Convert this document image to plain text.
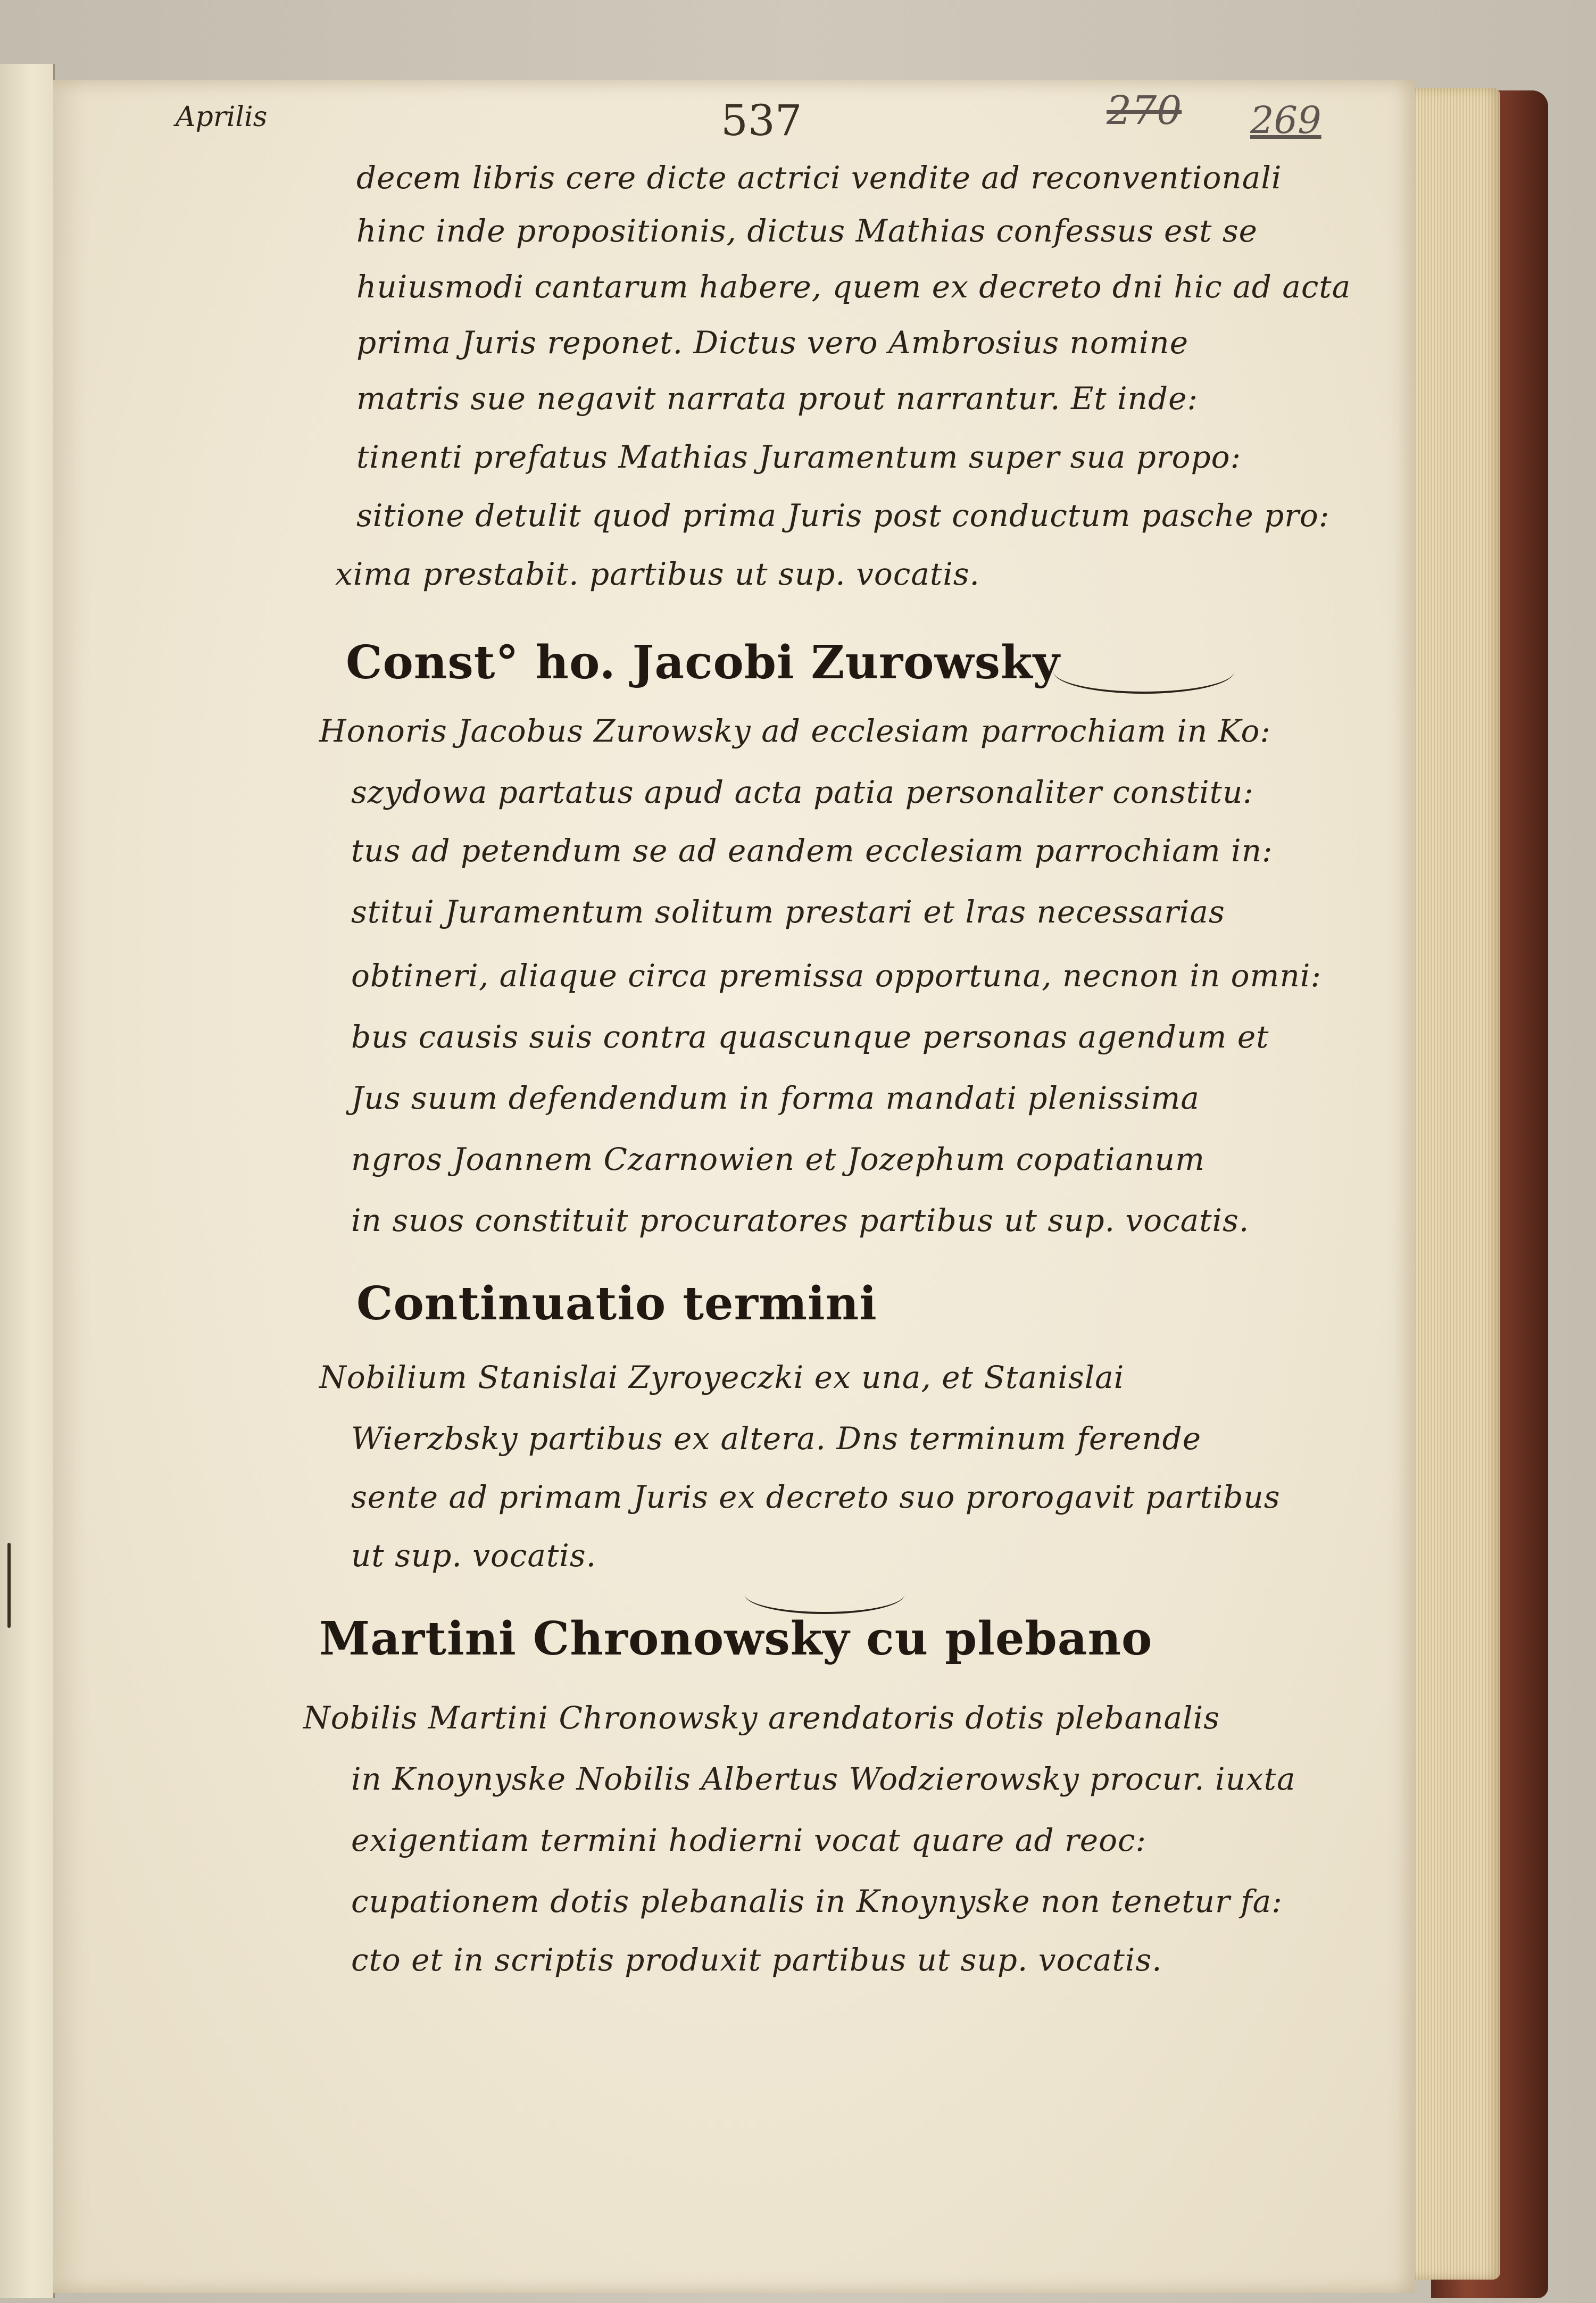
Aprilis	537	270 269
decem libris cere dicte actrici vendite ad reconventionali
hinc inde propositionis, dictus Mathias confessus est se
huiusmodi cantarum habere, quem ex decreto dni hic ad acta
prima Juris reponet. Dictus vero Ambrosius nomine
matris sue negavit narrata prout narrantur. Et inde:
tinenti prefatus Mathias Juramentum super sua propo:
sitione detulit quod prima Juris post conductum pasche pro:
xima prestabit. partibus ut sup. vocatis.
Const° ho. Jacobi Zurowsky
Honoris Jacobus Zurowsky ad ecclesiam parrochiam in Ko:
szydowa partatus apud acta patia personaliter constitu:
tus ad petendum se ad eandem ecclesiam parrochiam in:
stitui Juramentum solitum prestari et lras necessarias
obtineri, aliaque circa premissa opportuna, necnon in omni:
bus causis suis contra quascunque personas agendum et
Jus suum defendendum in forma mandati plenissima
ngros Joannem Czarnowien et Jozephum copatianum
in suos constituit procuratores partibus ut sup. vocatis.
Continuatio termini
Nobilium Stanislai Zyroyeczki ex una, et Stanislai
Wierzbsky partibus ex altera. Dns terminum ferende
sente ad primam Juris ex decreto suo prorogavit partibus
ut sup. vocatis.
Martini Chronowsky cu plebano
Nobilis Martini Chronowsky arendatoris dotis plebanalis
in Knoynyske Nobilis Albertus Wodzierowsky procur. iuxta
exigentiam termini hodierni vocat quare ad reoc:
cupationem dotis plebanalis in Knoynyske non tenetur fa:
cto et in scriptis produxit partibus ut sup. vocatis.
